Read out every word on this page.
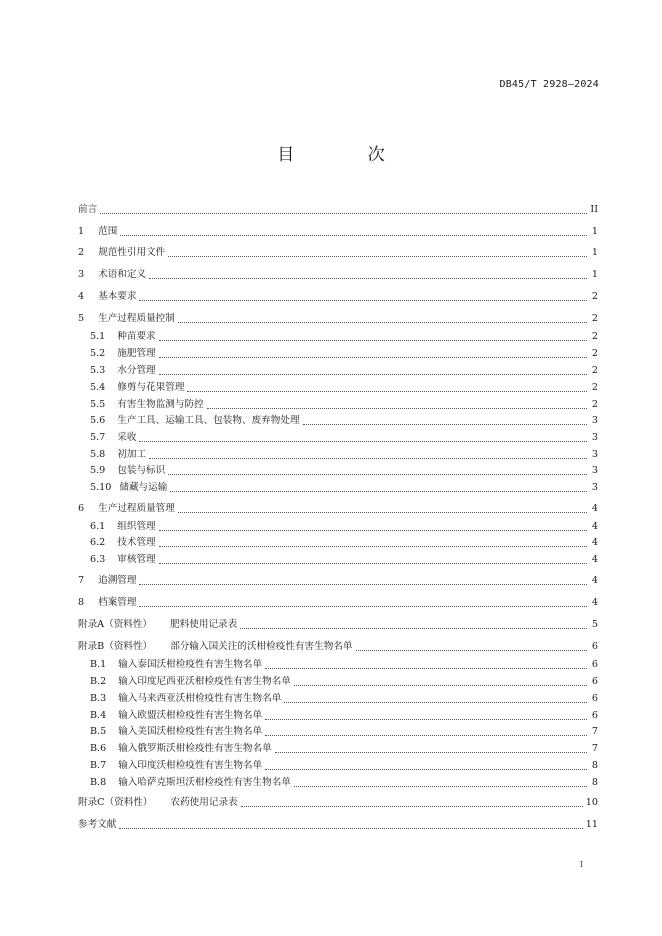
DB45/T 2928—2024
目 次
前言	II
1 范围	1
2 规范性引用文件	1
3 术语和定义	1
4 基本要求	2
5 生产过程质量控制	2
5.1 种苗要求	2
5.2 施肥管理	2
5.3 水分管理	2
5.4 修剪与花果管理	2
5.5 有害生物监测与防控	2
5.6 生产工具、运输工具、包装物、废弃物处理	3
5.7 采收	3
5.8 初加工	3
5.9 包装与标识	3
5.10 储藏与运输	3
6 生产过程质量管理	4
6.1 组织管理	4
6.2 技术管理	4
6.3 审核管理	4
7 追溯管理	4
8 档案管理	4
附录A（资料性） 肥料使用记录表	5
附录B（资料性） 部分输入国关注的沃柑检疫性有害生物名单	6
B.1 输入泰国沃柑检疫性有害生物名单	6
B.2 输入印度尼西亚沃柑检疫性有害生物名单	6
B.3 输入马来西亚沃柑检疫性有害生物名单	6
B.4 输入欧盟沃柑检疫性有害生物名单	6
B.5 输入美国沃柑检疫性有害生物名单	7
B.6 输入俄罗斯沃柑检疫性有害生物名单	7
B.7 输入印度沃柑检疫性有害生物名单	8
B.8 输入哈萨克斯坦沃柑检疫性有害生物名单	8
附录C（资料性） 农药使用记录表	10
参考文献	11
I
